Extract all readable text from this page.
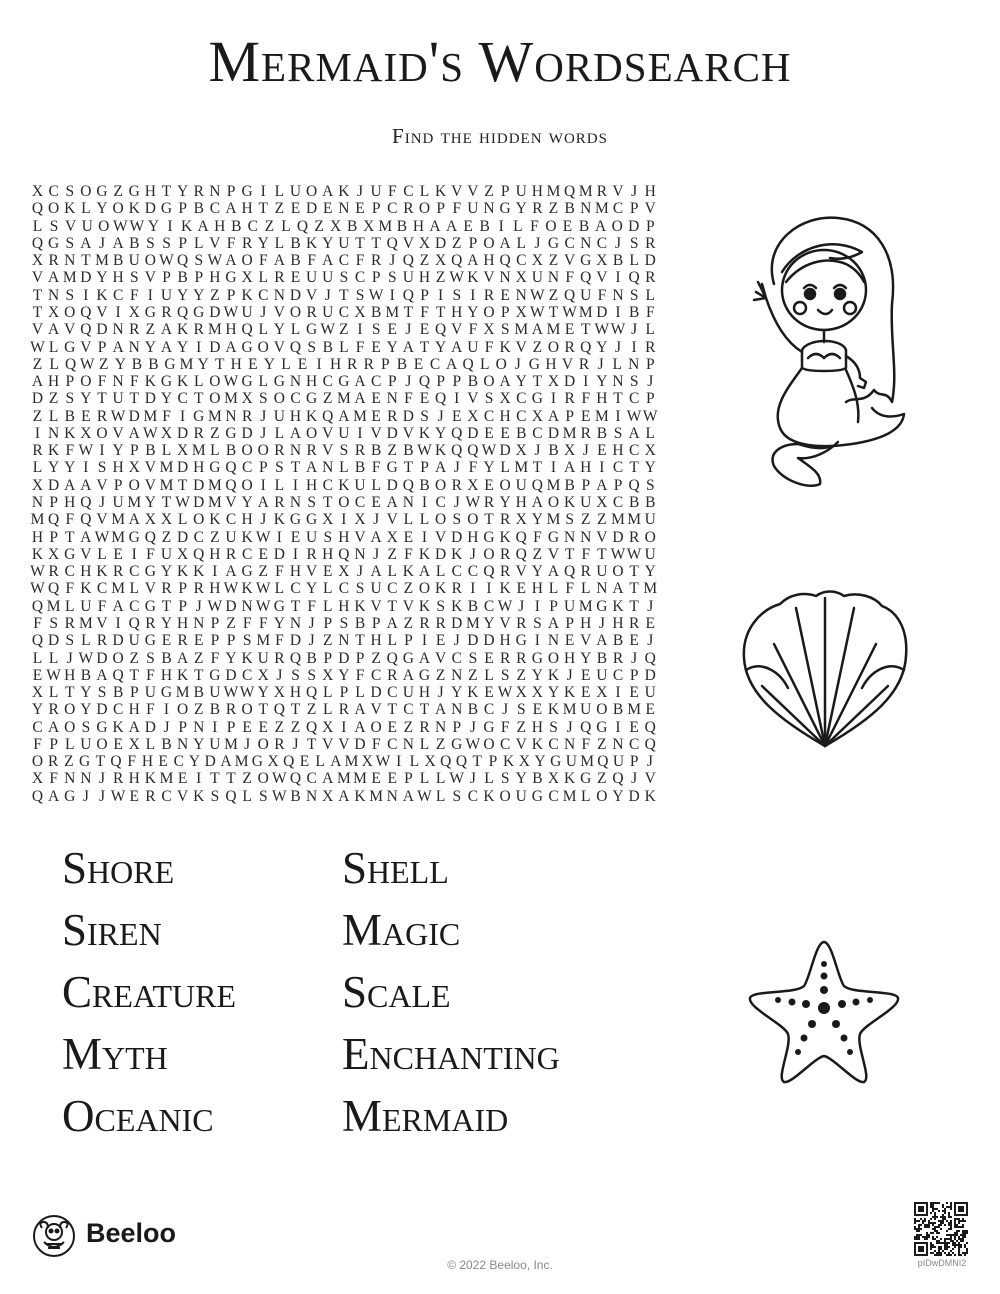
Mermaid's Wordsearch
Find the hidden words
X C S O G Z G H T Y R N P G I L U O A K J U F C L K V V Z P U H M Q M R V J H
Q O K L Y O K D G P B C A H T Z E D E N E P C R O P F U N G Y R Z B N M C P V
L S V U O W W Y I K A H B C Z L Q Z X B X M B H A A E B I L F O E B A O D P
Q G S A J A B S S P L V F R Y L B K Y U T T Q V X D Z P O A L J G C N C J S R
X R N T M B U O W Q S W A O F A B F A C F R J Q Z X Q A H Q C X Z V G X B L D
V A M D Y H S V P B P H G X L R E U U S C P S U H Z W K V N X U N F Q V I Q R
T N S I K C F I U Y Y Z P K C N D V J T S W I Q P I S I R E N W Z Q U F N S L
T X O Q V I X G R Q G D W U J V O R U C X B M T F T H Y O P X W T W M D I B F
V A V Q D N R Z A K R M H Q L Y L G W Z I S E J E Q V F X S M A M E T W W J L
W L G V P A N Y A Y I D A G O V Q S B L F E Y A T Y A U F K V Z O R Q Y J I R
Z L Q W Z Y B B G M Y T H E Y L E I H R R P B E C A Q L O J G H V R J L N P
A H P O F N F K G K L O W G L G N H C G A C P J Q P P B O A Y T X D I Y N S J
D Z S Y T U T D Y C T O M X S O C G Z M A E N F E Q I V S X C G I R F H T C P
Z L B E R W D M F I G M N R J U H K Q A M E R D S J E X C H C X A P E M I W W
I N K X O V A W X D R Z G D J L A O V U I V D V K Y Q D E E B C D M R B S A L
R K F W I Y P B L X M L B O O R N R V S R B Z B W K Q Q W D X J B X J E H C X
L Y Y I S H X V M D H G Q C P S T A N L B F G T P A J F Y L M T I A H I C T Y
X D A A V P O V M T D M Q O I L I H C K U L D Q B O R X E O U Q M B P A P Q S
N P H Q J U M Y T W D M V Y A R N S T O C E A N I C J W R Y H A O K U X C B B
M Q F Q V M A X X L O K C H J K G G X I X J V L L O S O T R X Y M S Z Z M M U
H P T A W M G Q Z D C Z U K W I E U S H V A X E I V D H G K Q F G N N V D R O
K X G V L E I F U X Q H R C E D I R H Q N J Z F K D K J O R Q Z V T F T W W U
W R C H K R C G Y K K I A G Z F H V E X J A L K A L C C Q R V Y A Q R U O T Y
W Q F K C M L V R P R H W K W L C Y L C S U C Z O K R I I K E H L F L N A T M
Q M L U F A C G T P J W D N W G T F L H K V T V K S K B C W J I P U M G K T J
F S R M V I Q R Y H N P Z F F Y N J P S B P A Z R R D M Y V R S A P H J H R E
Q D S L R D U G E R E P P S M F D J Z N T H L P I E J D D H G I N E V A B E J
L L J W D O Z S B A Z F Y K U R Q B P D P Z Q G A V C S E R R G O H Y B R J Q
E W H B A Q T F H K T G D C X J S S X Y F C R A G Z N Z L S Z Y K J E U C P D
X L T Y S B P U G M B U W W Y X H Q L P L D C U H J Y K E W X X Y K E X I E U
Y R O Y D C H F I O Z B R O T Q T Z L R A V T C T A N B C J S E K M U O B M E
C A O S G K A D J P N I P E E Z Z Q X I A O E Z R N P J G F Z H S J Q G I E Q
F P L U O E X L B N Y U M J O R J T V V D F C N L Z G W O C V K C N F Z N C Q
O R Z G T Q F H E C Y D A M G X Q E L A M X W I L X Q Q T P K X Y G U M Q U P J
X F N N J R H K M E I T T Z O W Q C A M M E E P L L W J L S Y B X K G Z Q J V
Q A G J J W E R C V K S Q L S W B N X A K M N A W L S C K O U G C M L O Y D K
Shore
Siren
Creature
Myth
Oceanic
Shell
Magic
Scale
Enchanting
Mermaid
Beeloo
© 2022 Beeloo, Inc.	pIDwDMNI2
